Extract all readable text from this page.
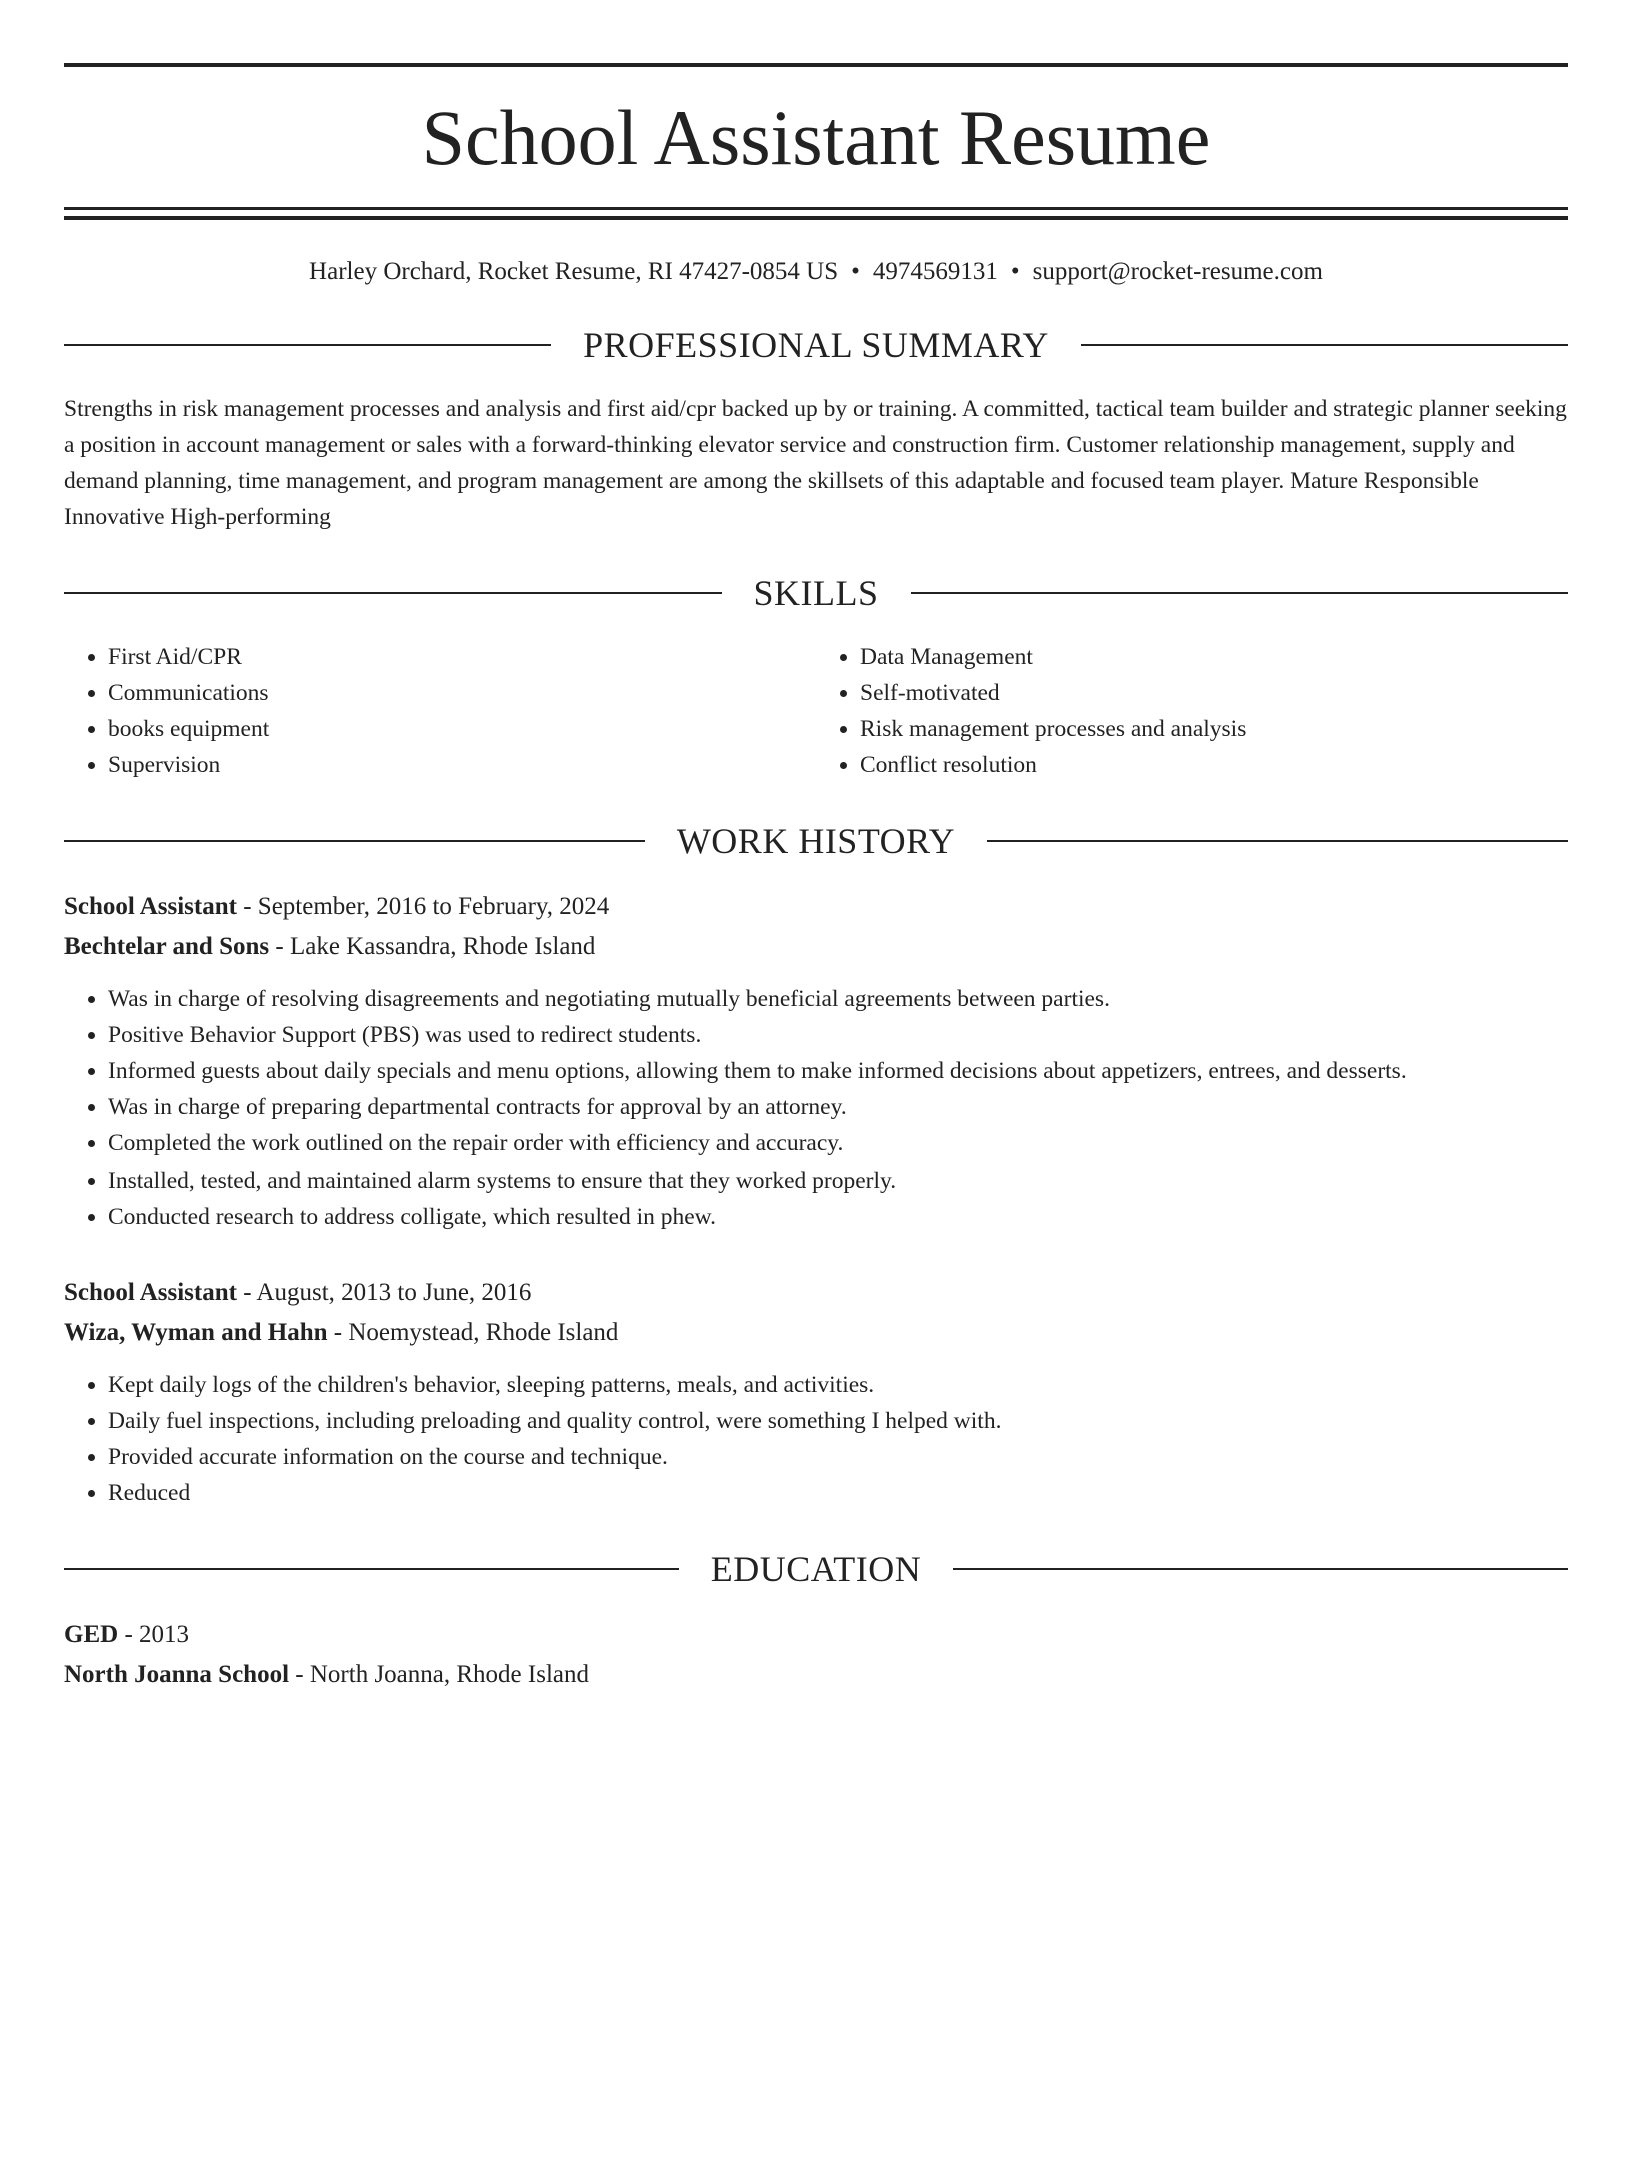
School Assistant Resume
Harley Orchard, Rocket Resume, RI 47427-0854 US • 4974569131 • support@rocket-resume.com
PROFESSIONAL SUMMARY
Strengths in risk management processes and analysis and first aid/cpr backed up by or training. A committed, tactical team builder and strategic planner seeking a position in account management or sales with a forward-thinking elevator service and construction firm. Customer relationship management, supply and demand planning, time management, and program management are among the skillsets of this adaptable and focused team player. Mature Responsible Innovative High-performing
SKILLS
• First Aid/CPR
• Communications
• books equipment
• Supervision
• Data Management
• Self-motivated
• Risk management processes and analysis
• Conflict resolution
WORK HISTORY
School Assistant - September, 2016 to February, 2024
Bechtelar and Sons - Lake Kassandra, Rhode Island
• Was in charge of resolving disagreements and negotiating mutually beneficial agreements between parties.
• Positive Behavior Support (PBS) was used to redirect students.
• Informed guests about daily specials and menu options, allowing them to make informed decisions about appetizers, entrees, and desserts.
• Was in charge of preparing departmental contracts for approval by an attorney.
• Completed the work outlined on the repair order with efficiency and accuracy.
• Installed, tested, and maintained alarm systems to ensure that they worked properly.
• Conducted research to address colligate, which resulted in phew.
School Assistant - August, 2013 to June, 2016
Wiza, Wyman and Hahn - Noemystead, Rhode Island
• Kept daily logs of the children's behavior, sleeping patterns, meals, and activities.
• Daily fuel inspections, including preloading and quality control, were something I helped with.
• Provided accurate information on the course and technique.
• Reduced
EDUCATION
GED - 2013
North Joanna School - North Joanna, Rhode Island
